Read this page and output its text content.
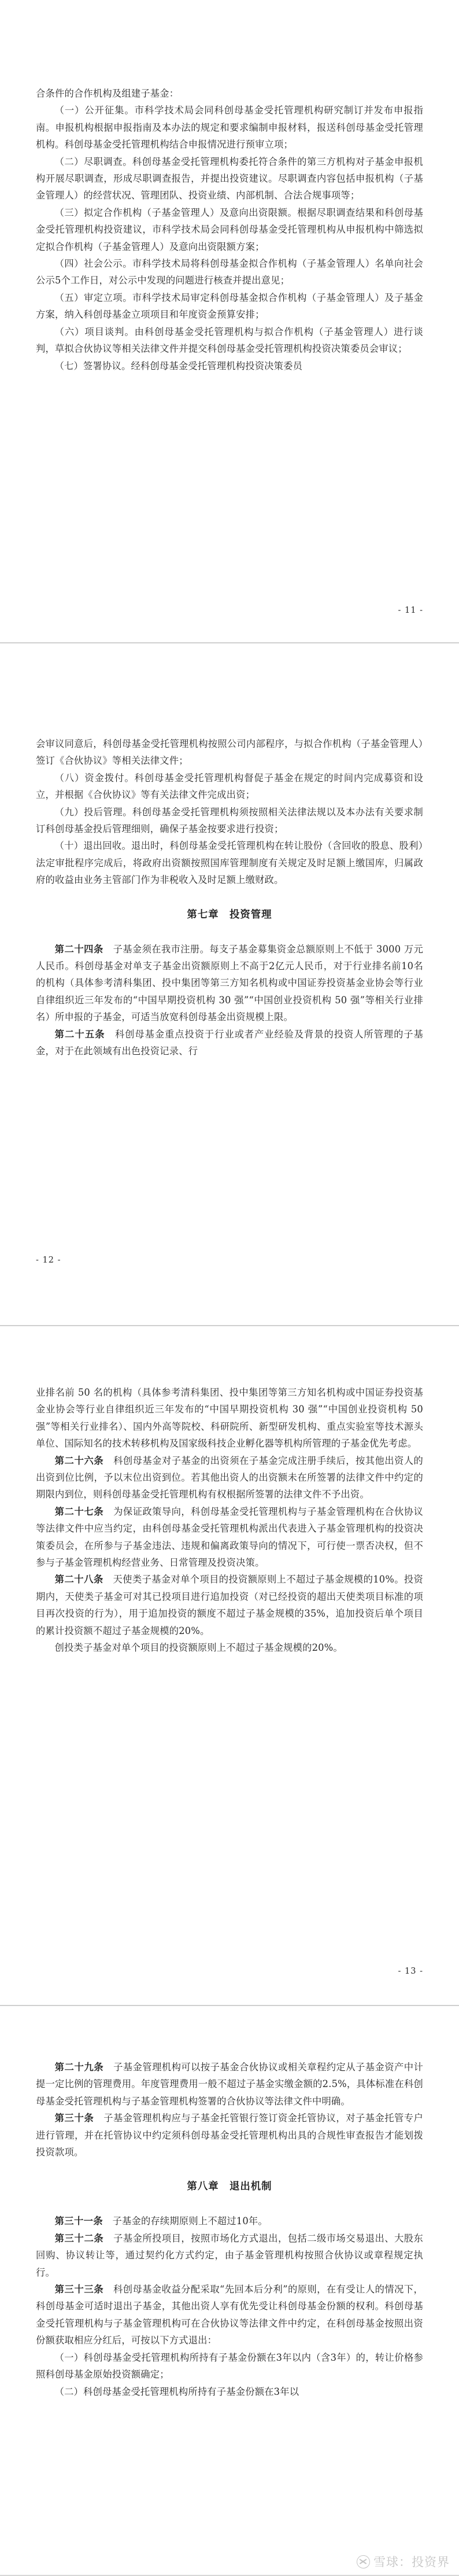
合条件的合作机构及组建子基金：

（一）公开征集。市科学技术局会同科创母基金受托管理机构研究制订并发布申报指南。申报机构根据申报指南及本办法的规定和要求编制申报材料，报送科创母基金受托管理机构。科创母基金受托管理机构结合申报情况进行预审立项；

（二）尽职调查。科创母基金受托管理机构委托符合条件的第三方机构对子基金申报机构开展尽职调查，形成尽职调查报告，并提出投资建议。尽职调查内容包括申报机构（子基金管理人）的经营状况、管理团队、投资业绩、内部机制、合法合规事项等；

（三）拟定合作机构（子基金管理人）及意向出资限额。根据尽职调查结果和科创母基金受托管理机构投资建议，市科学技术局会同科创母基金受托管理机构从申报机构中筛选拟定拟合作机构（子基金管理人）及意向出资限额方案；

（四）社会公示。市科学技术局将科创母基金拟合作机构（子基金管理人）名单向社会公示5个工作日，对公示中发现的问题进行核查并提出意见；

（五）审定立项。市科学技术局审定科创母基金拟合作机构（子基金管理人）及子基金方案，纳入科创母基金立项项目和年度资金预算安排；

（六）项目谈判。由科创母基金受托管理机构与拟合作机构（子基金管理人）进行谈判，草拟合伙协议等相关法律文件并提交科创母基金受托管理机构投资决策委员会审议；

（七）签署协议。经科创母基金受托管理机构投资决策委员

- 11 -

会审议同意后，科创母基金受托管理机构按照公司内部程序，与拟合作机构（子基金管理人）签订《合伙协议》等相关法律文件；

（八）资金拨付。科创母基金受托管理机构督促子基金在规定的时间内完成募资和设立，并根据《合伙协议》等有关法律文件完成出资；

（九）投后管理。科创母基金受托管理机构须按照相关法律法规以及本办法有关要求制订科创母基金投后管理细则，确保子基金按要求进行投资；

（十）退出回收。退出时，科创母基金受托管理机构在转让股份（含回收的股息、股利）法定审批程序完成后，将政府出资额按照国库管理制度有关规定及时足额上缴国库，归属政府的收益由业务主管部门作为非税收入及时足额上缴财政。

第七章　投资管理

第二十四条　 子基金须在我市注册。每支子基金募集资金总额原则上不低于 3000 万元人民币。科创母基金对单支子基金出资额原则上不高于2亿元人民币，对于行业排名前10名的机构（具体参考清科集团、投中集团等第三方知名机构或中国证券投资基金业协会等行业自律组织近三年发布的“中国早期投资机构 30 强”“中国创业投资机构 50 强”等相关行业排名）所申报的子基金，可适当放宽科创母基金出资规模上限。

第二十五条　 科创母基金重点投资于行业或者产业经验及背景的投资人所管理的子基金，对于在此领域有出色投资记录、行

- 12 -

业排名前 50 名的机构（具体参考清科集团、投中集团等第三方知名机构或中国证券投资基金业协会等行业自律组织近三年发布的“中国早期投资机构 30 强”“中国创业投资机构 50 强”等相关行业排名）、国内外高等院校、科研院所、新型研发机构、重点实验室等技术源头单位、国际知名的技术转移机构及国家级科技企业孵化器等机构所管理的子基金优先考虑。

第二十六条　 科创母基金对子基金的出资须在子基金完成注册手续后，按其他出资人的出资到位比例，予以末位出资到位。若其他出资人的出资额未在所签署的法律文件中约定的期限内到位，则科创母基金受托管理机构有权根据所签署的法律文件不予出资。

第二十七条　 为保证政策导向，科创母基金受托管理机构与子基金管理机构在合伙协议等法律文件中应当约定，由科创母基金受托管理机构派出代表进入子基金管理机构的投资决策委员会，在所参与子基金违法、违规和偏离政策导向的情况下，可行使一票否决权，但不参与子基金管理机构经营业务、日常管理及投资决策。

第二十八条　 天使类子基金对单个项目的投资额原则上不超过子基金规模的10%。投资期内，天使类子基金可对其已投项目进行追加投资（对已经投资的超出天使类项目标准的项目再次投资的行为），用于追加投资的额度不超过子基金规模的35%，追加投资后单个项目的累计投资额不超过子基金规模的20%。

创投类子基金对单个项目的投资额原则上不超过子基金规模的20%。

- 13 -

第二十九条　 子基金管理机构可以按子基金合伙协议或相关章程约定从子基金资产中计提一定比例的管理费用。年度管理费用一般不超过子基金实缴金额的2.5%，具体标准在科创母基金受托管理机构与子基金管理机构签署的合伙协议等法律文件中明确。

第三十条　 子基金管理机构应与子基金托管银行签订资金托管协议，对子基金托管专户进行管理，并在托管协议中约定须科创母基金受托管理机构出具的合规性审查报告才能划拨投资款项。

第八章　退出机制

第三十一条　 子基金的存续期原则上不超过10年。

第三十二条　 子基金所投项目，按照市场化方式退出，包括二级市场交易退出、大股东回购、协议转让等，通过契约化方式约定，由子基金管理机构按照合伙协议或章程规定执行。

第三十三条　 科创母基金收益分配采取“先回本后分利”的原则，在有受让人的情况下，科创母基金可适时退出子基金，其他出资人享有优先受让科创母基金份额的权利。科创母基金受托管理机构与子基金管理机构可在合伙协议等法律文件中约定，在科创母基金按照出资份额获取相应分红后，可按以下方式退出：

（一）科创母基金受托管理机构所持有子基金份额在3年以内（含3年）的，转让价格参照科创母基金原始投资额确定；

（二）科创母基金受托管理机构所持有子基金份额在3年以

雪球：投资界
